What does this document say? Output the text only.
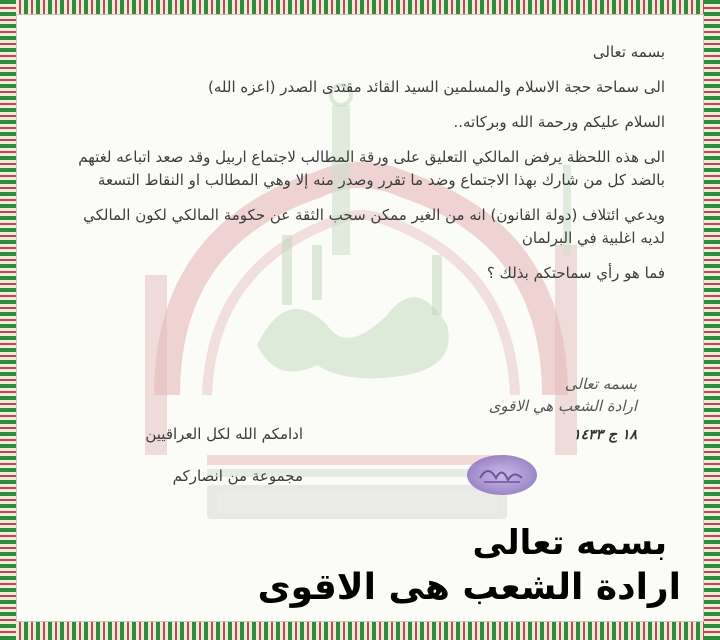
بسمه تعالى

الى سماحة حجة الاسلام والمسلمين السيد القائد مقتدى الصدر (اعزه الله)

السلام عليكم ورحمة الله وبركاته..

الى هذه اللحظة يرفض المالكي التعليق على ورقة المطالب لاجتماع اربيل وقد صعد اتباعه لغتهم بالضد كل من شارك بهذا الاجتماع وضد ما تقرر وصدر منه إلا وهي المطالب او النقاط التسعة

ويدعي ائتلاف (دولة القانون) انه من الغير ممكن سحب الثقة عن حكومة المالكي لكون المالكي لديه اغلبية في البرلمان

فما هو رأي سماحتكم بذلك ؟

بسمه تعالى
ارادة الشعب هي الاقوى
١٨ ج ١٤٣٣

ادامكم الله لكل العراقيين

مجموعة من انصاركم

بسمه تعالى
ارادة الشعب هى الاقوى
